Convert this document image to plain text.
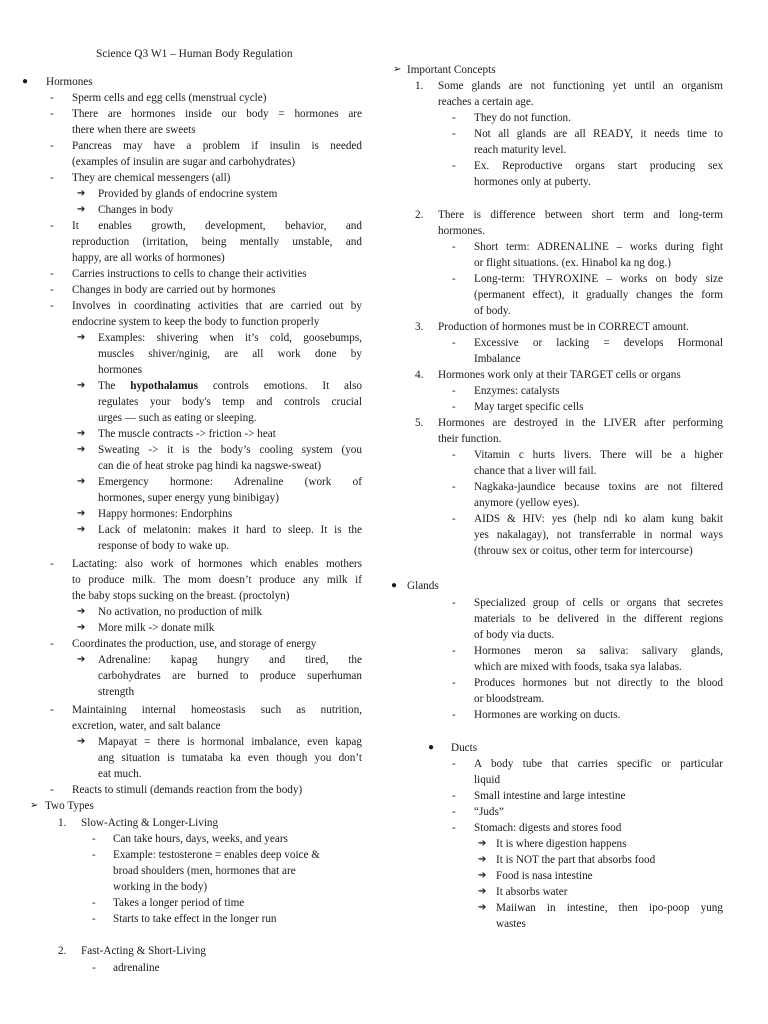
Science Q3 W1 – Human Body Regulation
● Hormones
- Sperm cells and egg cells (menstrual cycle)
- There are hormones inside our body = hormones are
there when there are sweets
- Pancreas may have a problem if insulin is needed
(examples of insulin are sugar and carbohydrates)
- They are chemical messengers (all)
➔ Provided by glands of endocrine system
➔ Changes in body
- It enables growth, development, behavior, and
reproduction (irritation, being mentally unstable, and
happy, are all works of hormones)
- Carries instructions to cells to change their activities
- Changes in body are carried out by hormones
- Involves in coordinating activities that are carried out by
endocrine system to keep the body to function properly
➔ Examples: shivering when it’s cold, goosebumps,
muscles shiver/nginig, are all work done by
hormones
➔ The hypothalamus controls emotions. It also
regulates your body's temp and controls crucial
urges — such as eating or sleeping.
➔ The muscle contracts -> friction -> heat
➔ Sweating -> it is the body’s cooling system (you
can die of heat stroke pag hindi ka nagswe-sweat)
➔ Emergency hormone: Adrenaline (work of
hormones, super energy yung binibigay)
➔ Happy hormones: Endorphins
➔ Lack of melatonin: makes it hard to sleep. It is the
response of body to wake up.
- Lactating: also work of hormones which enables mothers
to produce milk. The mom doesn’t produce any milk if
the baby stops sucking on the breast. (proctolyn)
➔ No activation, no production of milk
➔ More milk -> donate milk
- Coordinates the production, use, and storage of energy
➔ Adrenaline: kapag hungry and tired, the
carbohydrates are burned to produce superhuman
strength
- Maintaining internal homeostasis such as nutrition,
excretion, water, and salt balance
➔ Mapayat = there is hormonal imbalance, even kapag
ang situation is tumataba ka even though you don’t
eat much.
- Reacts to stimuli (demands reaction from the body)
➢ Two Types
1. Slow-Acting & Longer-Living
- Can take hours, days, weeks, and years
- Example: testosterone = enables deep voice &
broad shoulders (men, hormones that are
working in the body)
- Takes a longer period of time
- Starts to take effect in the longer run
2. Fast-Acting & Short-Living
- adrenaline
➢ Important Concepts
1. Some glands are not functioning yet until an organism
reaches a certain age.
- They do not function.
- Not all glands are all READY, it needs time to
reach maturity level.
- Ex. Reproductive organs start producing sex
hormones only at puberty.
2. There is difference between short term and long-term
hormones.
- Short term: ADRENALINE – works during fight
or flight situations. (ex. Hinabol ka ng dog.)
- Long-term: THYROXINE – works on body size
(permanent effect), it gradually changes the form
of body.
3. Production of hormones must be in CORRECT amount.
- Excessive or lacking = develops Hormonal
Imbalance
4. Hormones work only at their TARGET cells or organs
- Enzymes: catalysts
- May target specific cells
5. Hormones are destroyed in the LIVER after performing
their function.
- Vitamin c hurts livers. There will be a higher
chance that a liver will fail.
- Nagkaka-jaundice because toxins are not filtered
anymore (yellow eyes).
- AIDS & HIV: yes (help ndi ko alam kung bakit
yes nakalagay), not transferrable in normal ways
(throuw sex or coitus, other term for intercourse)
● Glands
- Specialized group of cells or organs that secretes
materials to be delivered in the different regions
of body via ducts.
- Hormones meron sa saliva: salivary glands,
which are mixed with foods, tsaka sya lalabas.
- Produces hormones but not directly to the blood
or bloodstream.
- Hormones are working on ducts.
● Ducts
- A body tube that carries specific or particular
liquid
- Small intestine and large intestine
- “Juds”
- Stomach: digests and stores food
➔ It is where digestion happens
➔ It is NOT the part that absorbs food
➔ Food is nasa intestine
➔ It absorbs water
➔ Maiiwan in intestine, then ipo-poop yung
wastes
